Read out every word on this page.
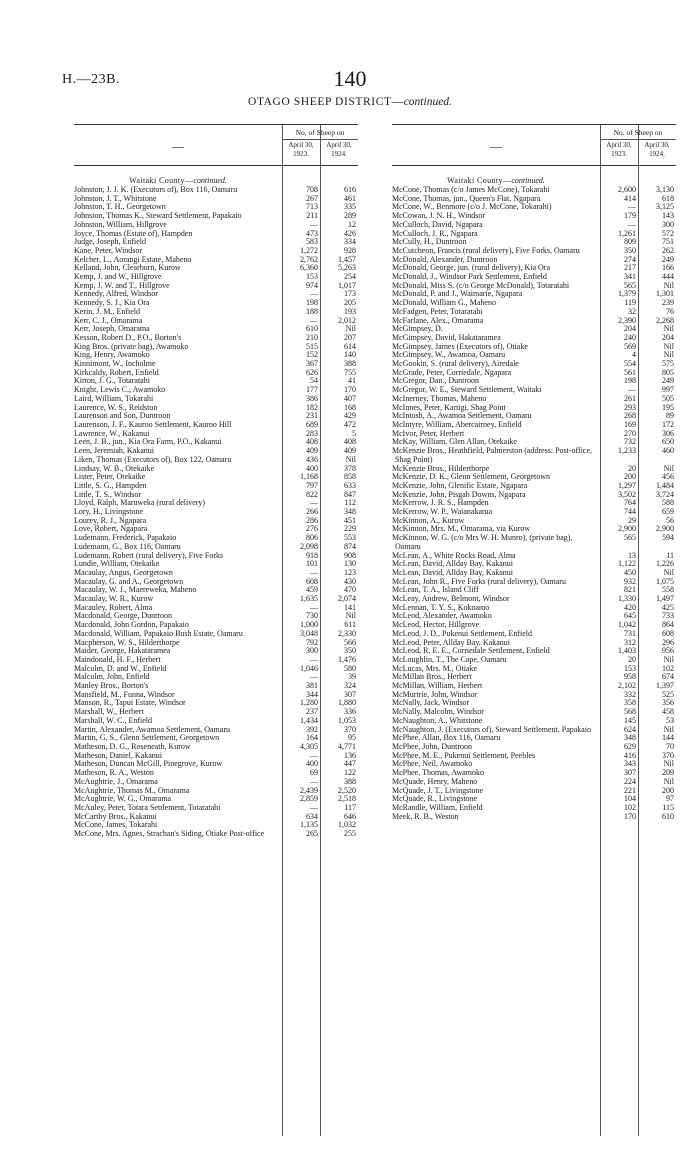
H.—23B.	140
OTAGO SHEEP DISTRICT—continued.
—
No. of Sheep on
April 30, 1923.
April 30, 1924.
Waitaki County—continued.
Johnston, J. J. K. (Executors of), Box 116, Oamaru	708	616
Johnston, J. T., Whitstone	267	461
Johnston, T. H., Georgetown	713	335
Johnston, Thomas K., Steward Settlement, Papakaio	211	289
Johnston, William, Hillgrove	—	12
Joyce, Thomas (Estate of), Hampden	473	426
Judge, Joseph, Enfield	583	334
Kane, Peter, Windsor	1,272	928
Kelcher, L., Aorangi Estate, Maheno	2,762	1,457
Kelland, John, Clearburn, Kurow	6,360	5,263
Kemp, J. and W., Hillgrove	153	254
Kemp, J. W. and T., Hillgrove	974	1,017
Kennedy, Alfred, Windsor	—	173
Kennedy, S. J., Kia Ora	198	205
Kerin, J. M., Enfield	188	193
Kerr, C. J., Omarama	—	2,012
Kerr, Joseph, Omarama	610	Nil
Kesson, Robert D., P.O., Borton's	210	207
King Bros. (private bag), Awamoko	515	614
King, Henry, Awamoko	152	140
Kinnimont, W., Incholme	367	388
Kirkcaldy, Robert, Enfield	626	755
Kirton, J. G., Totaratahi	54	41
Knight, Lewis C., Awamoko	177	170
Laird, William, Tokarahi	386	407
Laurence, W. S., Reidston	182	168
Laurenson and Son, Duntroon	231	429
Laurenson, J. F., Kauroo Settlement, Kauroo Hill	689	472
Lawrence, W., Kakanui	283	5
Leen, J. B., jun., Kia Ora Farm, P.O., Kakanui	408	408
Leen, Jeremiah, Kakanui	409	409
Liken, Thomas (Executors of), Box 122, Oamaru	436	Nil
Lindsay, W. B., Otekaike	400	378
Lister, Peter, Otekaike	1,168	858
Little, S. G., Hampden	797	633
Little, T. S., Windsor	822	847
Lloyd, Ralph, Maruweka (rural delivery)	—	112
Lory, H., Livingstone	266	348
Lourey, R. J., Ngapara	286	451
Love, Robert, Ngapara	276	229
Ludemann, Frederick, Papakaio	806	553
Ludemann, G., Box 116, Oamaru	2,098	874
Ludemann, Robert (rural delivery), Five Forks	918	908
Lundie, William, Otekaike	101	130
Macaulay, Angus, Georgetown	—	123
Macaulay, G. and A., Georgetown	608	430
Macaulay, W. J., Maereweka, Maheno	459	470
Macaulay, W. R., Kurow	1,635	2,074
Macauley, Robert, Alma	—	141
Macdonald, George, Duntroon	730	Nil
Macdonald, John Gordon, Papakaio	1,000	611
Macdonald, William, Papakaio Bush Estate, Oamaru	3,048	2,330
Macpherson, W. S., Hilderthorpe	792	566
Maider, George, Hakataramea	300	350
Maindonald, H. F., Herbert	—	1,476
Malcolm, D. and W., Enfield	1,046	580
Malcolm, John, Enfield	—	39
Manley Bros., Borton's	381	324
Mansfield, M., Funna, Windsor	344	307
Manson, R., Tapui Estate, Windsor	1,280	1,880
Marshall, W., Herbert	237	336
Marshall, W. C., Enfield	1,434	1,053
Martin, Alexander, Awamoa Settlement, Oamaru	392	370
Martin, G. S., Glenn Settlement, Georgetown	164	95
Matheson, D. G., Roseneath, Kurow	4,305	4,771
Matheson, Daniel, Kakanui	—	136
Matheson, Duncan McGill, Pinegrove, Kurow	400	447
Matheson, R. A., Weston	69	122
McAughtrie, J., Omarama	—	388
McAughtrie, Thomas M., Omarama	2,439	2,520
McAughtrie, W. G., Omarama	2,859	2,518
McAuley, Peter, Totara Settlement, Totaratahi	—	117
McCarthy Bros., Kakanui	634	646
McCone, James, Tokarahi	1,135	1,032
McCone, Mrs. Agnes, Strachan's Siding, Otiake Post-office	265	255
—
No. of Sheep on
April 30, 1923.
April 30, 1924.
Waitaki County—continued.
McCone, Thomas (c/o James McCone), Tokarahi	2,600	3,130
McCone, Thomas, jun., Queen's Flat, Ngapara	414	618
McCone, W., Benmore (c/o J. McCone, Tokarahi)	—	3,125
McCowan, J. N. H., Windsor	179	143
McCulloch, David, Ngapara	—	300
McCulloch, J. R., Ngapara	1,261	572
McCully, H., Duntroon	809	751
McCutcheon, Francis (rural delivery), Five Forks, Oamaru	350	262
McDonald, Alexander, Duntroon	274	249
McDonald, George, jun. (rural delivery), Kia Ora	217	166
McDonald, J., Windsor Park Settlement, Enfield	341	444
McDonald, Miss S. (c/o George McDonald), Totaratahi	565	Nil
McDonald, P. and J., Waimarie, Ngapara	1,379	1,301
McDonald, William G., Maheno	119	239
McFadgen, Peter, Totaratahi	32	76
McFarlane, Alex., Omarama	2,390	2,268
McGimpsey, D.	204	Nil
McGimpsey, David, Hakataramea	240	204
McGimpsey, James (Executors of), Otiake	569	Nil
McGimpsey, W., Awamoa, Oamaru	4	Nil
McGookin, S. (rural delivery), Airedale	554	575
McGrade, Peter, Corriedale, Ngapara	561	805
McGregor, Dan., Duntroon	198	249
McGregor, W. E., Steward Settlement, Waitaki	—	997
McInerney, Thomas, Maheno	261	505
McInnes, Peter, Kartigi, Shag Point	293	195
McIntosh, A., Awamoa Settlement, Oamaru	268	89
McIntyre, William, Abercairney, Enfield	169	172
McIvor, Peter, Herbert	270	306
McKay, William, Glen Allan, Otekaike	732	650
McKenzie Bros., Heathfield, Palmerston (address: Post-office, Shag Point)
1,233	460
McKenzie Bros., Hilderthorpe	20	Nil
McKenzie, D. K., Glenn Settlement, Georgetown	200	456
McKenzie, John, Glenific Estate, Ngapara	1,297	1,484
McKenzie, John, Pisgah Downs, Ngapara	3,502	3,724
McKerrow, J. R. S., Hampden	764	588
McKerrow, W. P., Waianakarua	744	659
McKinnon, A., Kurow	29	56
McKinnon, Mrs. M., Omarama, via Kurow	2,900	2,900
McKinnon, W. G. (c/o Mrs W. H. Munro), (private bag), Oamaru
565	594
McLean, A., White Rocks Road, Alma	13	11
McLean, David, Allday Bay, Kakanui	1,122	1,226
McLean, David, Allday Bay, Kakanui	450	Nil
McLean, John R., Five Forks (rural delivery), Oamaru	932	1,075
McLean, T. A., Island Cliff	821	558
McLeay, Andrew, Belmont, Windsor	1,330	1,497
McLennan, T. Y. S., Kokoamo	420	425
McLeod, Alexander, Awamoko	645	733
McLeod, Hector, Hillgrove	1,042	864
McLeod, J. D., Pukenui Settlement, Enfield	731	608
McLeod, Peter, Allday Bay, Kakanui	312	296
McLeod, R. E. E., Corriedale Settlement, Enfield	1,403	956
McLoughlin, T., The Cape, Oamaru	20	Nil
McLucas, Mrs. M., Otiake	153	102
McMillan Bros., Herbert	958	674
McMillan, William, Herbert	2,102	1,397
McMurtrie, John, Windsor	332	525
McNally, Jack, Windsor	358	356
McNally, Malcolm, Windsor	568	458
McNaughton, A., Whitstone	145	53
McNaughton, J. (Executors of), Steward Settlement, Papakaio	624	Nil
McPhee, Allan, Box 116, Oamaru	348	144
McPhee, John, Duntroon	629	70
McPhee, M. E., Pukenui Settlement, Peebles	416	370
McPhee, Neil, Awamoko	343	Nil
McPhee, Thomas, Awamoko	307	209
McQuade, Henry, Maheno	224	Nil
McQuade, J. T., Livingstone	221	200
McQuade, R., Livingstone	104	97
McRandle, William, Enfield	102	115
Meek, R. B., Weston	170	610
